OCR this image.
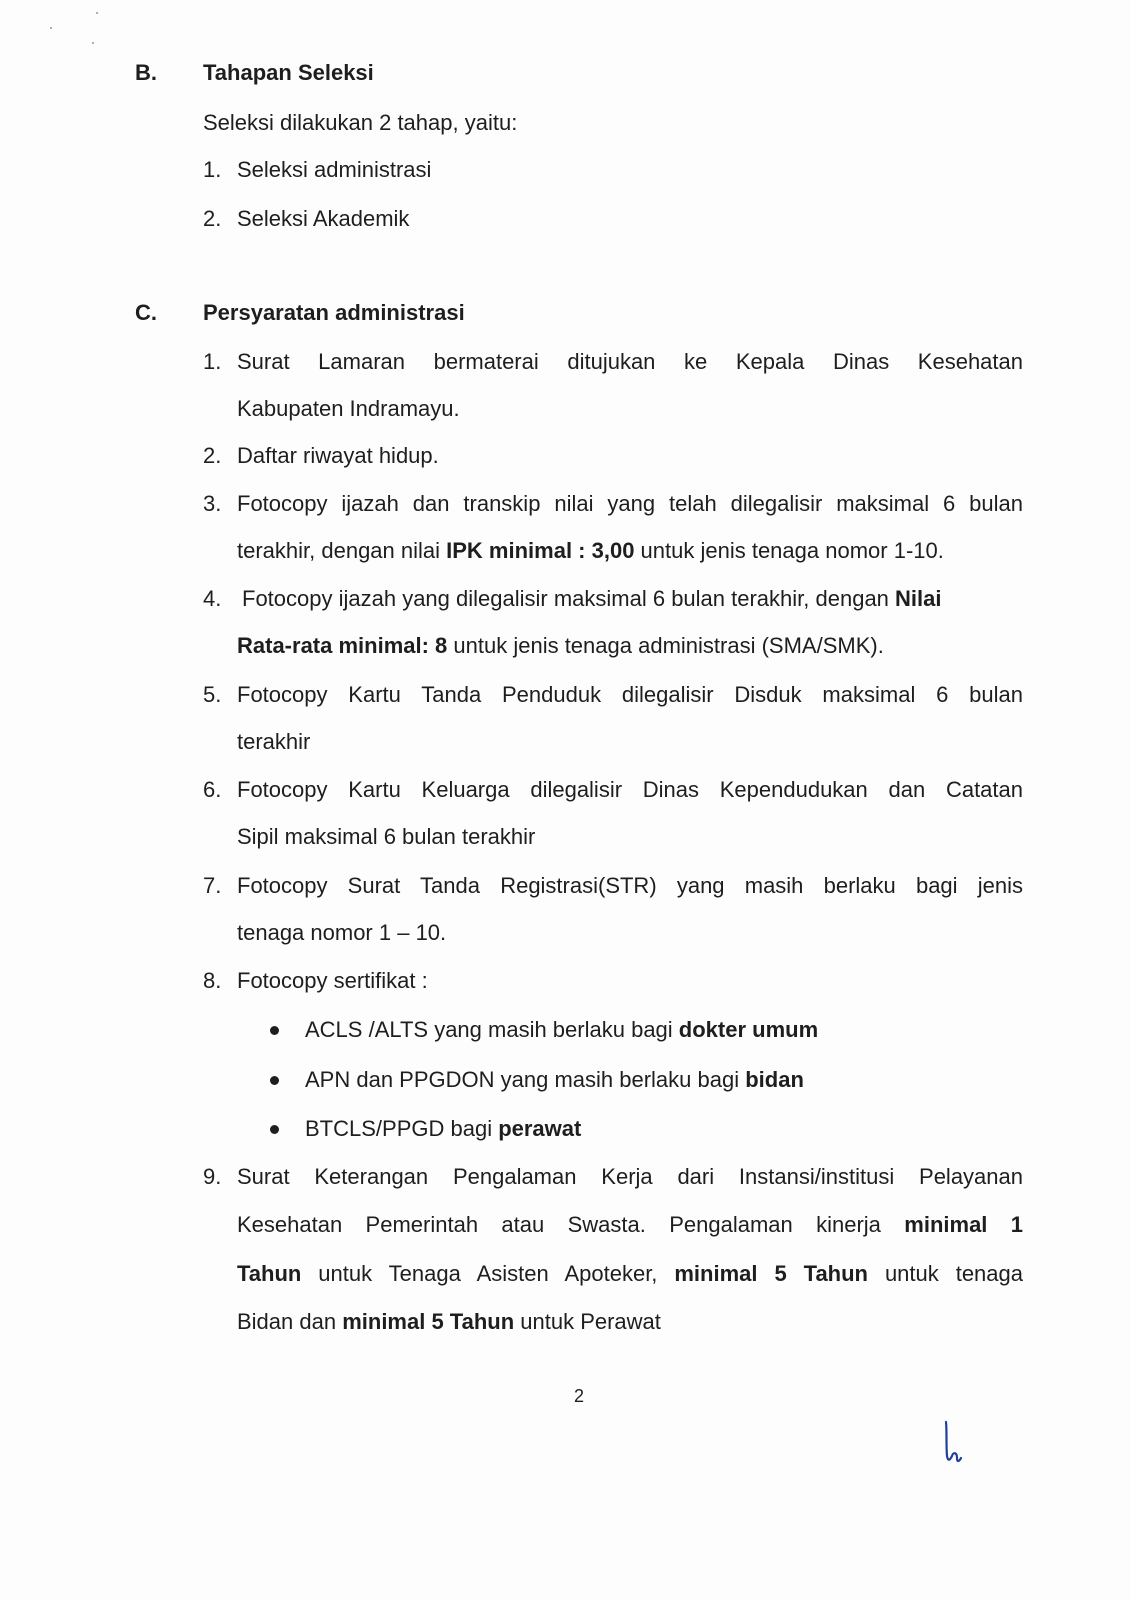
B. Tahapan Seleksi
Seleksi dilakukan 2 tahap, yaitu:
1. Seleksi administrasi
2. Seleksi Akademik
C. Persyaratan administrasi
1. Surat Lamaran bermaterai ditujukan ke Kepala Dinas Kesehatan
Kabupaten Indramayu.
2. Daftar riwayat hidup.
3. Fotocopy ijazah dan transkip nilai yang telah dilegalisir maksimal 6 bulan
terakhir, dengan nilai IPK minimal : 3,00 untuk jenis tenaga nomor 1-10.
4. Fotocopy ijazah yang dilegalisir maksimal 6 bulan terakhir, dengan Nilai
Rata-rata minimal: 8 untuk jenis tenaga administrasi (SMA/SMK).
5. Fotocopy Kartu Tanda Penduduk dilegalisir Disduk maksimal 6 bulan
terakhir
6. Fotocopy Kartu Keluarga dilegalisir Dinas Kependudukan dan Catatan
Sipil maksimal 6 bulan terakhir
7. Fotocopy Surat Tanda Registrasi(STR) yang masih berlaku bagi jenis
tenaga nomor 1 – 10.
8. Fotocopy sertifikat :
ACLS /ALTS yang masih berlaku bagi dokter umum
APN dan PPGDON yang masih berlaku bagi bidan
BTCLS/PPGD bagi perawat
9. Surat Keterangan Pengalaman Kerja dari Instansi/institusi Pelayanan
Kesehatan Pemerintah atau Swasta. Pengalaman kinerja minimal 1
Tahun untuk Tenaga Asisten Apoteker, minimal 5 Tahun untuk tenaga
Bidan dan minimal 5 Tahun untuk Perawat
2
